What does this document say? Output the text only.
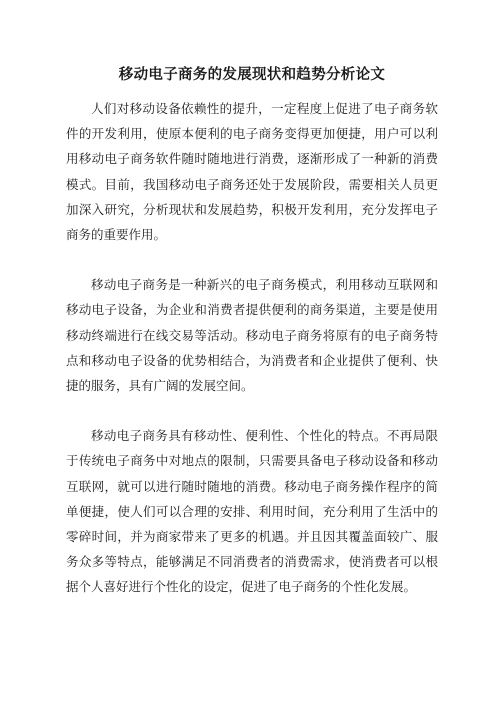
移动电子商务的发展现状和趋势分析论文

人们对移动设备依赖性的提升，一定程度上促进了电子商务软件的开发利用，使原本便利的电子商务变得更加便捷，用户可以利用移动电子商务软件随时随地进行消费，逐渐形成了一种新的消费模式。目前，我国移动电子商务还处于发展阶段，需要相关人员更加深入研究，分析现状和发展趋势，积极开发利用，充分发挥电子商务的重要作用。

移动电子商务是一种新兴的电子商务模式，利用移动互联网和移动电子设备，为企业和消费者提供便利的商务渠道，主要是使用移动终端进行在线交易等活动。移动电子商务将原有的电子商务特点和移动电子设备的优势相结合，为消费者和企业提供了便利、快捷的服务，具有广阔的发展空间。

移动电子商务具有移动性、便利性、个性化的特点。不再局限于传统电子商务中对地点的限制，只需要具备电子移动设备和移动互联网，就可以进行随时随地的消费。移动电子商务操作程序的简单便捷，使人们可以合理的安排、利用时间，充分利用了生活中的零碎时间，并为商家带来了更多的机遇。并且因其覆盖面较广、服务众多等特点，能够满足不同消费者的消费需求，使消费者可以根据个人喜好进行个性化的设定，促进了电子商务的个性化发展。
